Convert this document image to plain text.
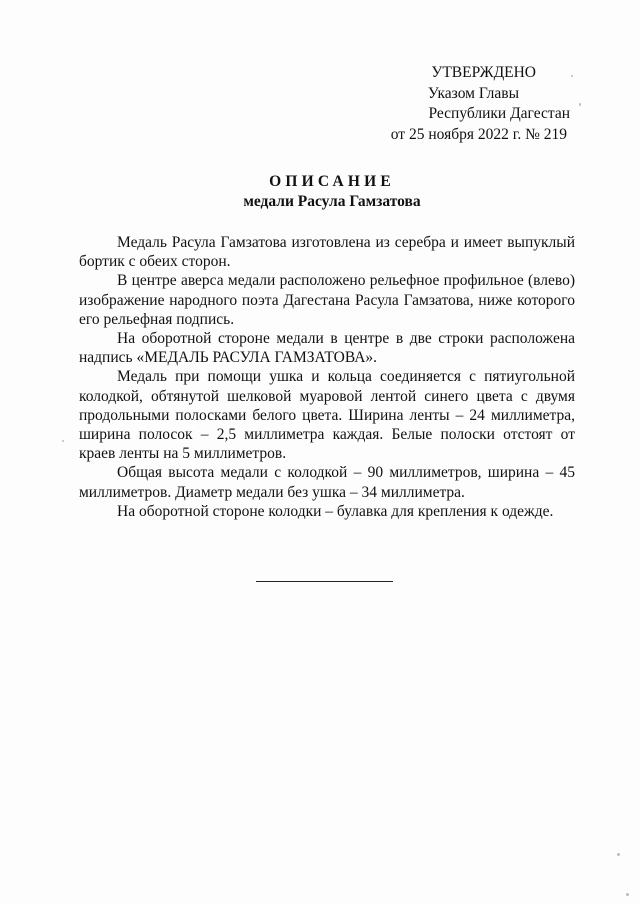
УТВЕРЖДЕНО
Указом Главы
Республики Дагестан
от 25 ноября 2022 г. № 219
ОПИСАНИЕ
медали Расула Гамзатова

Медаль Расула Гамзатова изготовлена из серебра и имеет выпуклый бортик с обеих сторон.

В центре аверса медали расположено рельефное профильное (влево) изображение народного поэта Дагестана Расула Гамзатова, ниже которого его рельефная подпись.

На оборотной стороне медали в центре в две строки расположена надпись «МЕДАЛЬ РАСУЛА ГАМЗАТОВА».

Медаль при помощи ушка и кольца соединяется с пятиугольной колодкой, обтянутой шелковой муаровой лентой синего цвета с двумя продольными полосками белого цвета. Ширина ленты – 24 миллиметра, ширина полосок – 2,5 миллиметра каждая. Белые полоски отстоят от краев ленты на 5 миллиметров.

Общая высота медали с колодкой – 90 миллиметров, ширина – 45 миллиметров. Диаметр медали без ушка – 34 миллиметра.

На оборотной стороне колодки – булавка для крепления к одежде.
